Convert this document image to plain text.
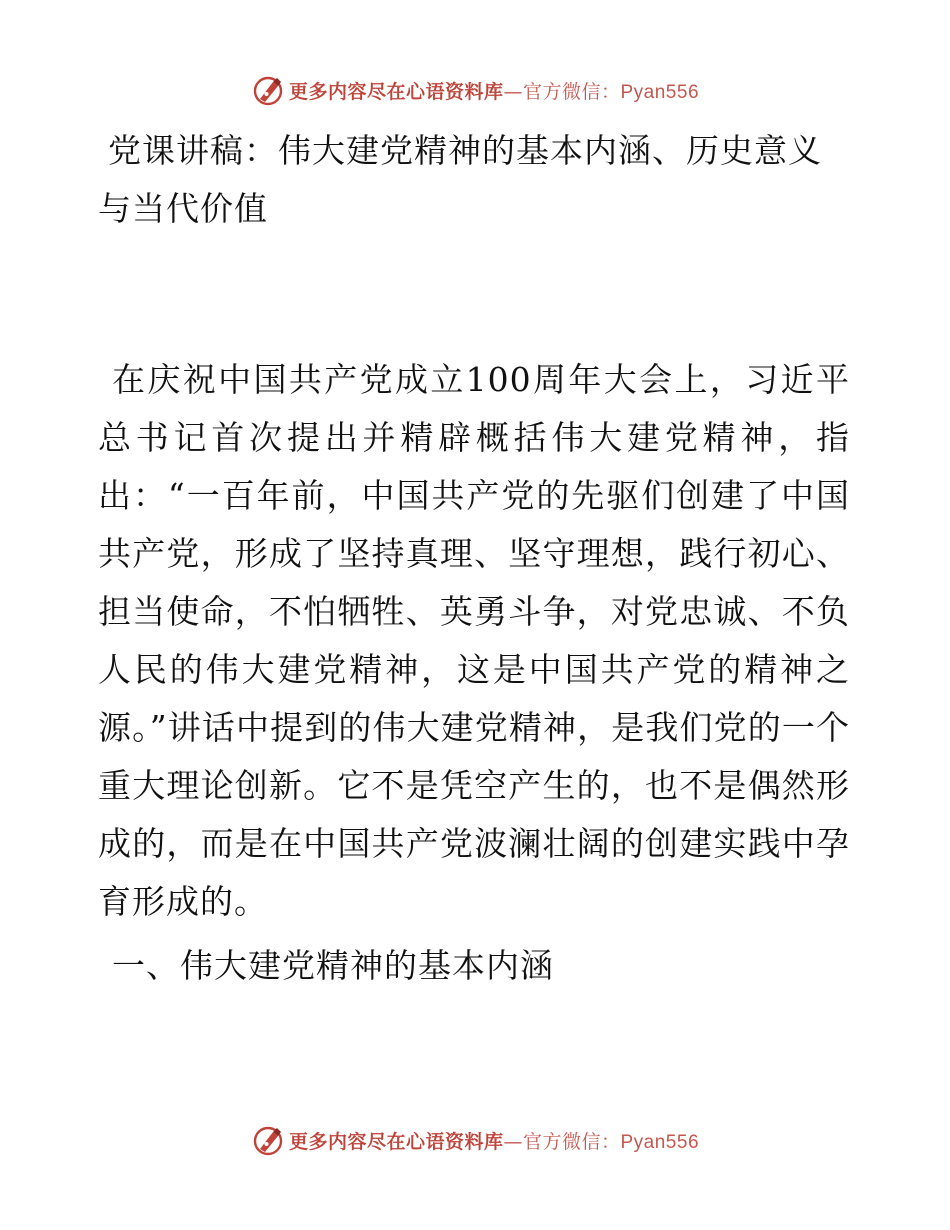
更多内容尽在心语资料库—官方微信：Pyan556
党课讲稿：伟大建党精神的基本内涵、历史意义与当代价值

在庆祝中国共产党成立100周年大会上，习近平总书记首次提出并精辟概括伟大建党精神，指出：“一百年前，中国共产党的先驱们创建了中国共产党，形成了坚持真理、坚守理想，践行初心、担当使命，不怕牺牲、英勇斗争，对党忠诚、不负人民的伟大建党精神，这是中国共产党的精神之源。”讲话中提到的伟大建党精神，是我们党的一个重大理论创新。它不是凭空产生的，也不是偶然形成的，而是在中国共产党波澜壮阔的创建实践中孕育形成的。

一、伟大建党精神的基本内涵

更多内容尽在心语资料库—官方微信：Pyan556
